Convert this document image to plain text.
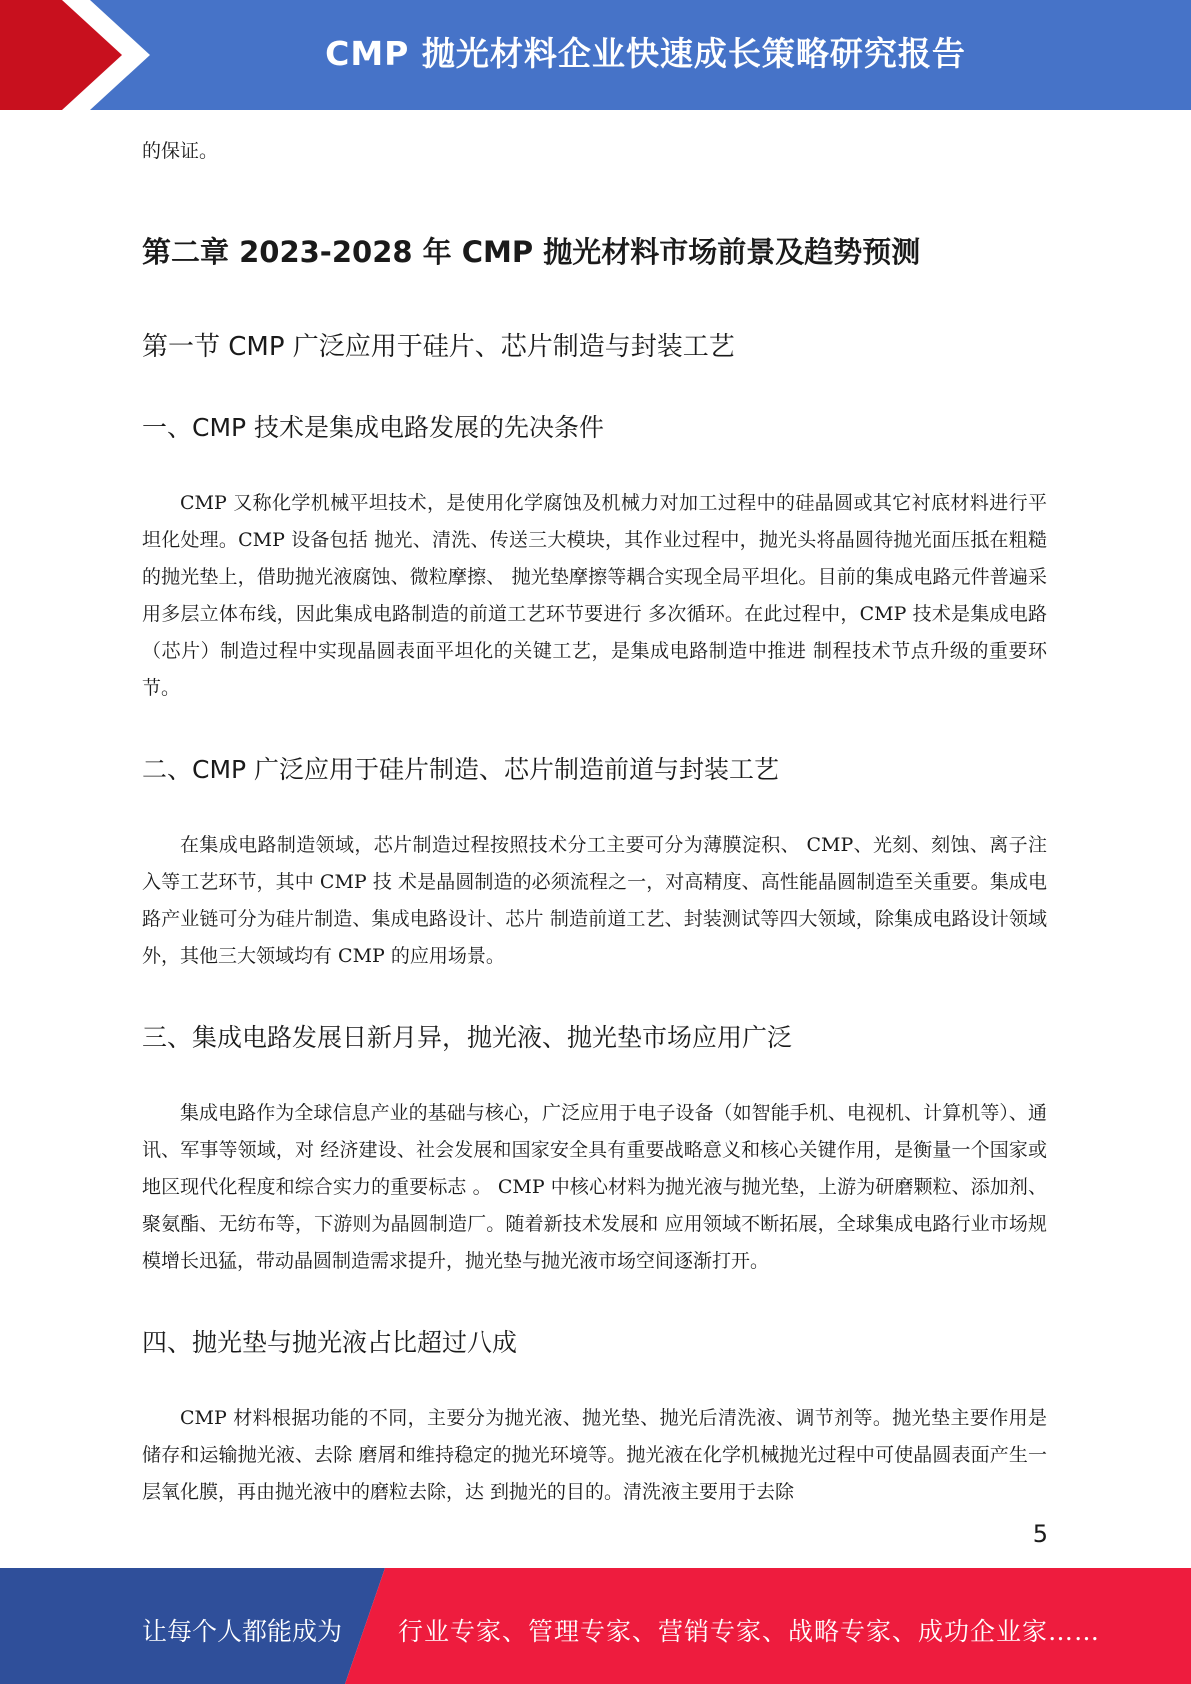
CMP 抛光材料企业快速成长策略研究报告
的保证。
第二章 2023-2028 年 CMP 抛光材料市场前景及趋势预测
第一节 CMP 广泛应用于硅片、芯片制造与封装工艺
一、CMP 技术是集成电路发展的先决条件

CMP 又称化学机械平坦技术，是使用化学腐蚀及机械力对加工过程中的硅晶圆或其它衬底材料进行平坦化处理。CMP 设备包括 抛光、清洗、传送三大模块，其作业过程中，抛光头将晶圆待抛光面压抵在粗糙的抛光垫上，借助抛光液腐蚀、微粒摩擦、 抛光垫摩擦等耦合实现全局平坦化。目前的集成电路元件普遍采用多层立体布线，因此集成电路制造的前道工艺环节要进行 多次循环。在此过程中，CMP 技术是集成电路（芯片）制造过程中实现晶圆表面平坦化的关键工艺，是集成电路制造中推进 制程技术节点升级的重要环节。

二、CMP 广泛应用于硅片制造、芯片制造前道与封装工艺

在集成电路制造领域，芯片制造过程按照技术分工主要可分为薄膜淀积、 CMP、光刻、刻蚀、离子注入等工艺环节，其中 CMP 技 术是晶圆制造的必须流程之一，对高精度、高性能晶圆制造至关重要。集成电路产业链可分为硅片制造、集成电路设计、芯片 制造前道工艺、封装测试等四大领域，除集成电路设计领域外，其他三大领域均有 CMP 的应用场景。

三、集成电路发展日新月异，抛光液、抛光垫市场应用广泛

集成电路作为全球信息产业的基础与核心，广泛应用于电子设备（如智能手机、电视机、计算机等）、通讯、军事等领域，对 经济建设、社会发展和国家安全具有重要战略意义和核心关键作用，是衡量一个国家或地区现代化程度和综合实力的重要标志 。 CMP 中核心材料为抛光液与抛光垫，上游为研磨颗粒、添加剂、聚氨酯、无纺布等，下游则为晶圆制造厂。随着新技术发展和 应用领域不断拓展，全球集成电路行业市场规模增长迅猛，带动晶圆制造需求提升，抛光垫与抛光液市场空间逐渐打开。

四、抛光垫与抛光液占比超过八成

CMP 材料根据功能的不同，主要分为抛光液、抛光垫、抛光后清洗液、调节剂等。抛光垫主要作用是储存和运输抛光液、去除 磨屑和维持稳定的抛光环境等。抛光液在化学机械抛光过程中可使晶圆表面产生一层氧化膜，再由抛光液中的磨粒去除，达 到抛光的目的。清洗液主要用于去除

5
让每个人都能成为 行业专家、管理专家、营销专家、战略专家、成功企业家……
